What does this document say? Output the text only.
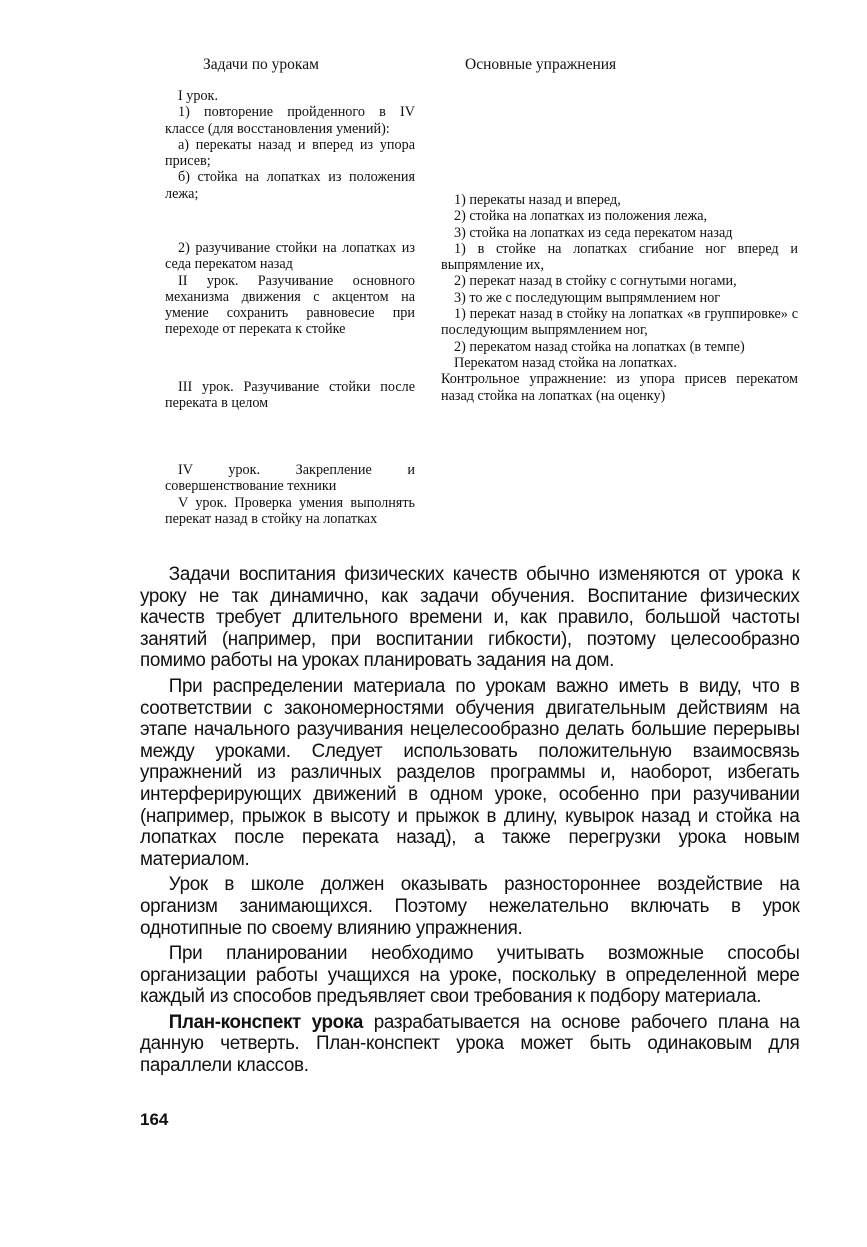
Задачи по урокам	Основные упражнения

I урок.

1) повторение пройденного в IV классе (для восстановления умений):

а) перекаты назад и вперед из упора присев;

б) стойка на лопатках из положения лежа;

2) разучивание стойки на лопатках из седа перекатом назад

II урок. Разучивание основного механизма движения с акцентом на умение сохранить равновесие при переходе от переката к стойке

III урок. Разучивание стойки после переката в целом

IV урок. Закрепление и совершенствование техники

V урок. Проверка умения выполнять перекат назад в стойку на лопатках

1) перекаты назад и вперед,

2) стойка на лопатках из положения лежа,

3) стойка на лопатках из седа перекатом назад

1) в стойке на лопатках сгибание ног вперед и выпрямление их,

2) перекат назад в стойку с согнутыми ногами,

3) то же с последующим выпрямлением ног

1) перекат назад в стойку на лопатках «в группировке» с последующим выпрямлением ног,

2) перекатом назад стойка на лопатках (в темпе)

Перекатом назад стойка на лопатках.

Контрольное упражнение: из упора присев перекатом назад стойка на лопатках (на оценку)

Задачи воспитания физических качеств обычно изменяются от урока к уроку не так динамично, как задачи обучения. Воспитание физических качеств требует длительного времени и, как правило, большой частоты занятий (например, при воспитании гибкости), поэтому целесообразно помимо работы на уроках планировать задания на дом.

При распределении материала по урокам важно иметь в виду, что в соответствии с закономерностями обучения двигательным действиям на этапе начального разучивания нецелесообразно делать большие перерывы между уроками. Следует использовать положительную взаимосвязь упражнений из различных разделов программы и, наоборот, избегать интерферирующих движений в одном уроке, особенно при разучивании (например, прыжок в высоту и прыжок в длину, кувырок назад и стойка на лопатках после переката назад), а также перегрузки урока новым материалом.

Урок в школе должен оказывать разностороннее воздействие на организм занимающихся. Поэтому нежелательно включать в урок однотипные по своему влиянию упражнения.

При планировании необходимо учитывать возможные способы организации работы учащихся на уроке, поскольку в определенной мере каждый из способов предъявляет свои требования к подбору материала.

План-конспект урока разрабатывается на основе рабочего плана на данную четверть. План-конспект урока может быть одинаковым для параллели классов.

164
